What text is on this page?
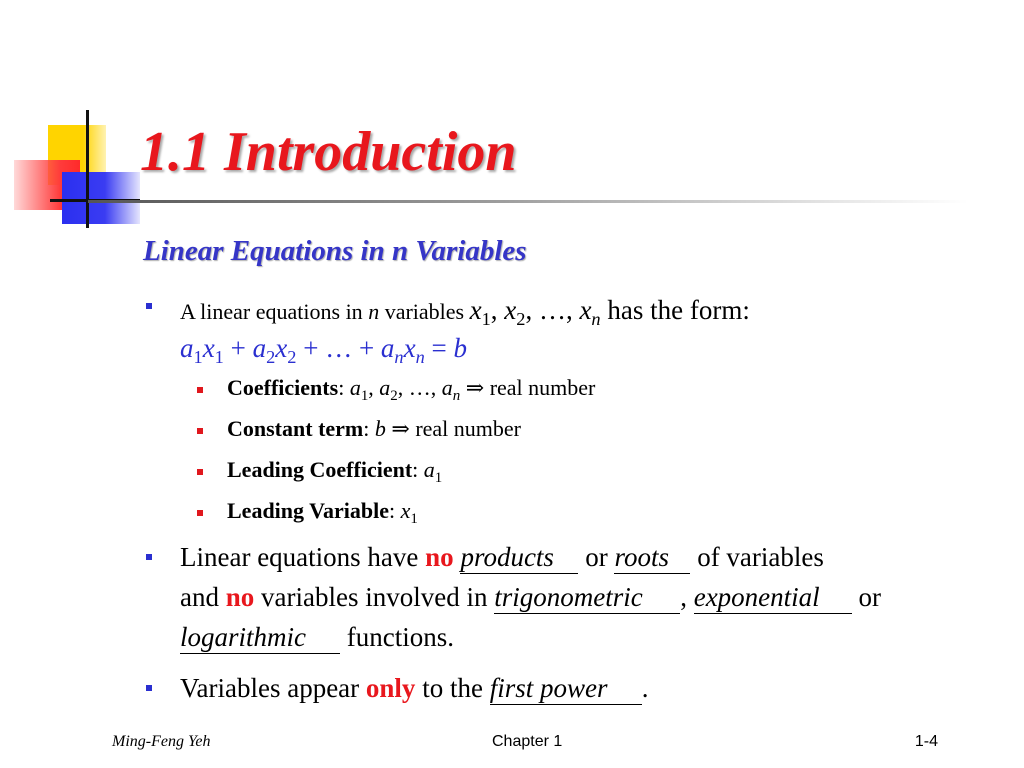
1.1 Introduction
Linear Equations in n Variables
A linear equations in n variables $x_1$, $x_2$, …, $x_n$ has the form:
$a_1x_1 + a_2x_2$ + … + $a_nx_n = b$
Coefficients: $a_1$, $a_2$, …, $a_n$ ⇒ real number
Constant term: b ⇒ real number
Leading Coefficient: $a_1$
Leading Variable: $x_1$
Linear equations have no products or roots of variables
and no variables involved in trigonometric , exponential or
logarithmic functions.
Variables appear only to the first power .
Ming-Feng Yeh	Chapter 1	1-4
